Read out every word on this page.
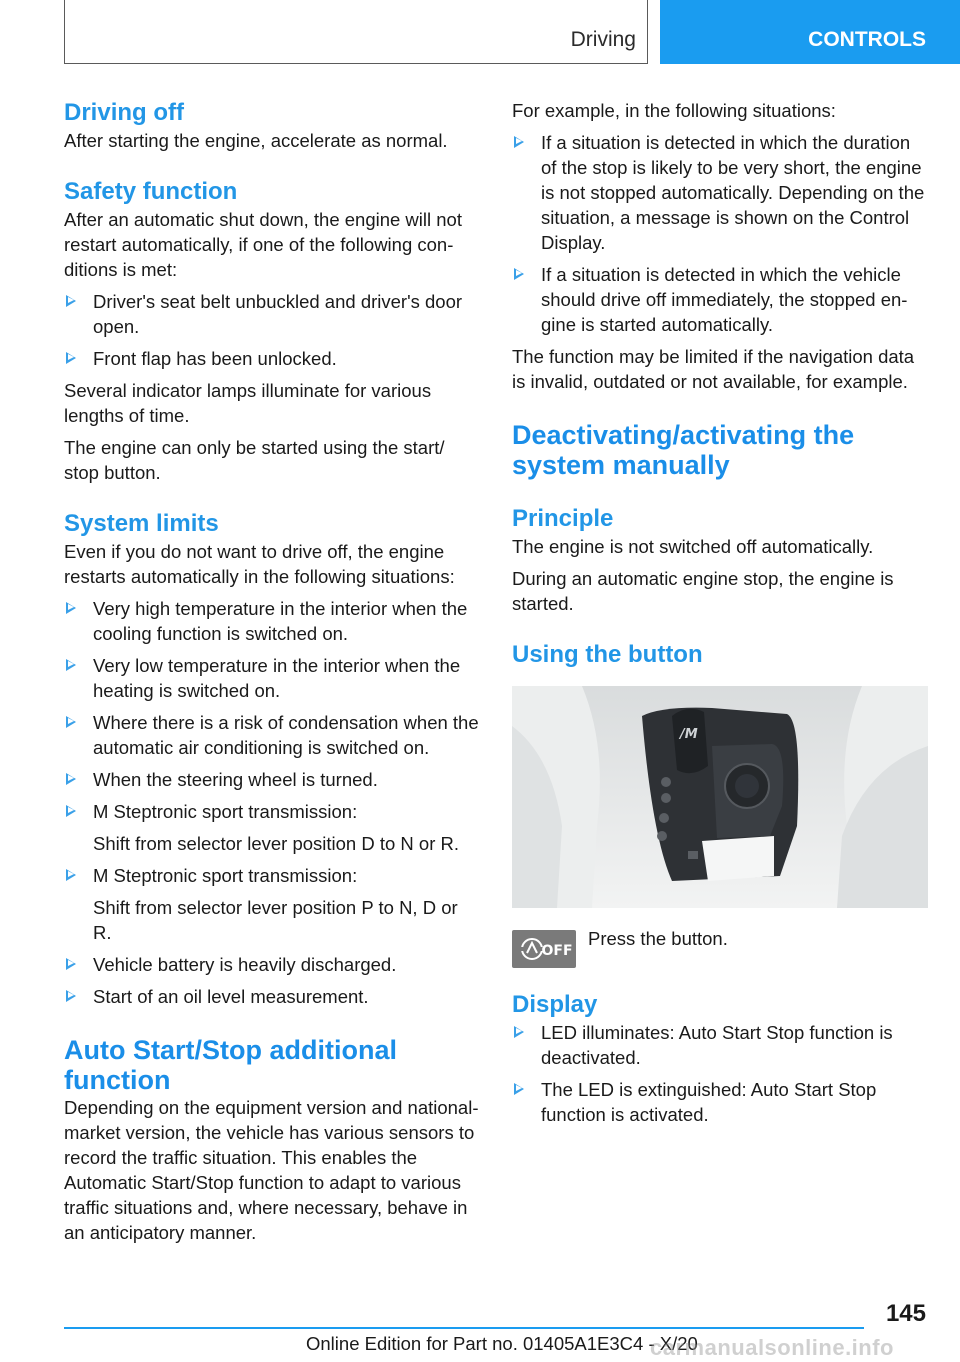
Driving	CONTROLS
Driving off

After starting the engine, accelerate as normal.

Safety function

After an automatic shut down, the engine will not restart automatically, if one of the following conditions is met:

Driver's seat belt unbuckled and driver's door open.
Front flap has been unlocked.

Several indicator lamps illuminate for various lengths of time.

The engine can only be started using the start/ stop button.

System limits

Even if you do not want to drive off, the engine restarts automatically in the following situations:

Very high temperature in the interior when the cooling function is switched on.
Very low temperature in the interior when the heating is switched on.
Where there is a risk of condensation when the automatic air conditioning is switched on.
When the steering wheel is turned.
M Steptronic sport transmission:
Shift from selector lever position D to N or R.
M Steptronic sport transmission:
Shift from selector lever position P to N, D or R.
Vehicle battery is heavily discharged.
Start of an oil level measurement.
Auto Start/Stop additional function

Depending on the equipment version and national-market version, the vehicle has various sensors to record the traffic situation. This enables the Automatic Start/Stop function to adapt to various traffic situations and, where necessary, behave in an anticipatory manner.

For example, in the following situations:

If a situation is detected in which the duration of the stop is likely to be very short, the engine is not stopped automatically. Depending on the situation, a message is shown on the Control Display.
If a situation is detected in which the vehicle should drive off immediately, the stopped engine is started automatically.

The function may be limited if the navigation data is invalid, outdated or not available, for example.

Deactivating/activating the system manually
Principle

The engine is not switched off automatically.

During an automatic engine stop, the engine is started.

Using the button
/M
OFF
Press the button.
Display
LED illuminates: Auto Start Stop function is deactivated.
The LED is extinguished: Auto Start Stop function is activated.
145
Online Edition for Part no. 01405A1E3C4 - X/20
carmanualsonline.info
